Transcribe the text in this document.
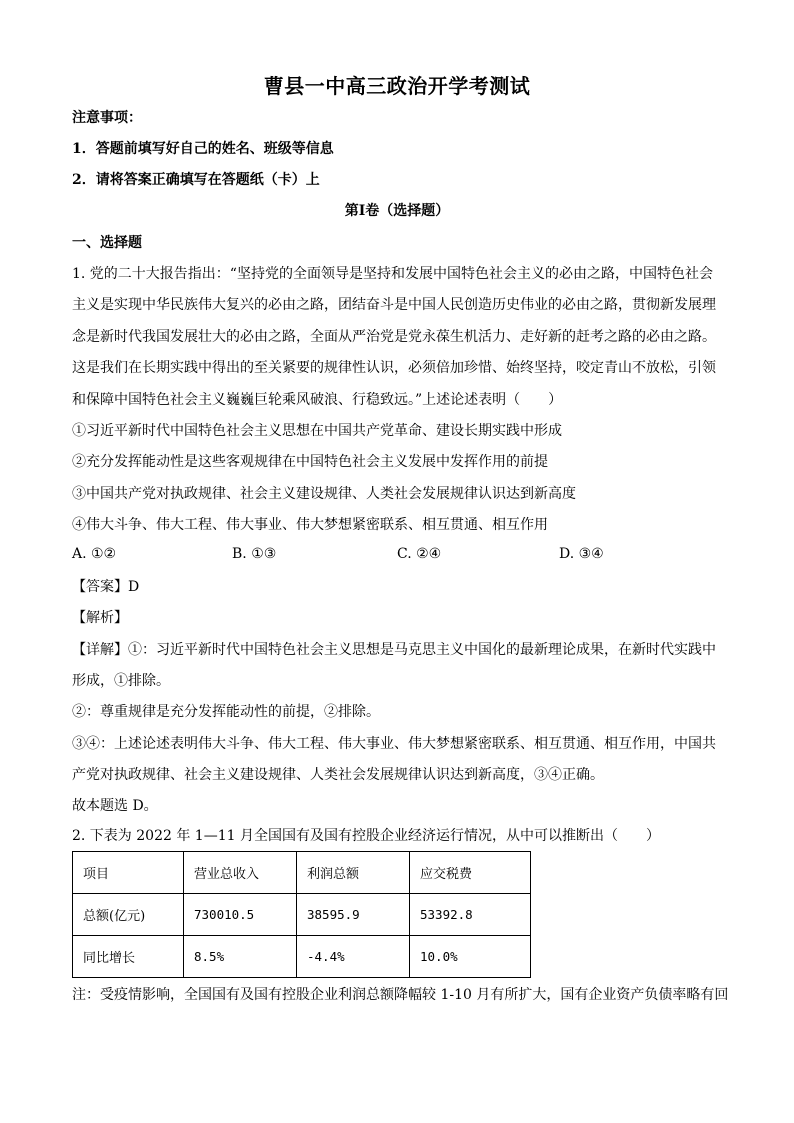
曹县一中高三政治开学考测试
注意事项：
1．答题前填写好自己的姓名、班级等信息
2．请将答案正确填写在答题纸（卡）上
第Ⅰ卷（选择题）
一、选择题
1. 党的二十大报告指出：“坚持党的全面领导是坚持和发展中国特色社会主义的必由之路，中国特色社会
主义是实现中华民族伟大复兴的必由之路，团结奋斗是中国人民创造历史伟业的必由之路，贯彻新发展理
念是新时代我国发展壮大的必由之路，全面从严治党是党永葆生机活力、走好新的赶考之路的必由之路。
这是我们在长期实践中得出的至关紧要的规律性认识，必须倍加珍惜、始终坚持，咬定青山不放松，引领
和保障中国特色社会主义巍巍巨轮乘风破浪、行稳致远。”上述论述表明（　　）
①习近平新时代中国特色社会主义思想在中国共产党革命、建设长期实践中形成
②充分发挥能动性是这些客观规律在中国特色社会主义发展中发挥作用的前提
③中国共产党对执政规律、社会主义建设规律、人类社会发展规律认识达到新高度
④伟大斗争、伟大工程、伟大事业、伟大梦想紧密联系、相互贯通、相互作用
A. ①②	B. ①③	C. ②④	D. ③④
【答案】D
【解析】
【详解】①：习近平新时代中国特色社会主义思想是马克思主义中国化的最新理论成果，在新时代实践中
形成，①排除。
②：尊重规律是充分发挥能动性的前提，②排除。
③④：上述论述表明伟大斗争、伟大工程、伟大事业、伟大梦想紧密联系、相互贯通、相互作用，中国共
产党对执政规律、社会主义建设规律、人类社会发展规律认识达到新高度，③④正确。
故本题选 D。
2. 下表为 2022 年 1—11 月全国国有及国有控股企业经济运行情况，从中可以推断出（　　）
项目	营业总收入	利润总额	应交税费
总额(亿元)	730010.5	38595.9	53392.8
同比增长	8.5%	-4.4%	10.0%
注：受疫情影响，全国国有及国有控股企业利润总额降幅较 1-10 月有所扩大，国有企业资产负债率略有回
